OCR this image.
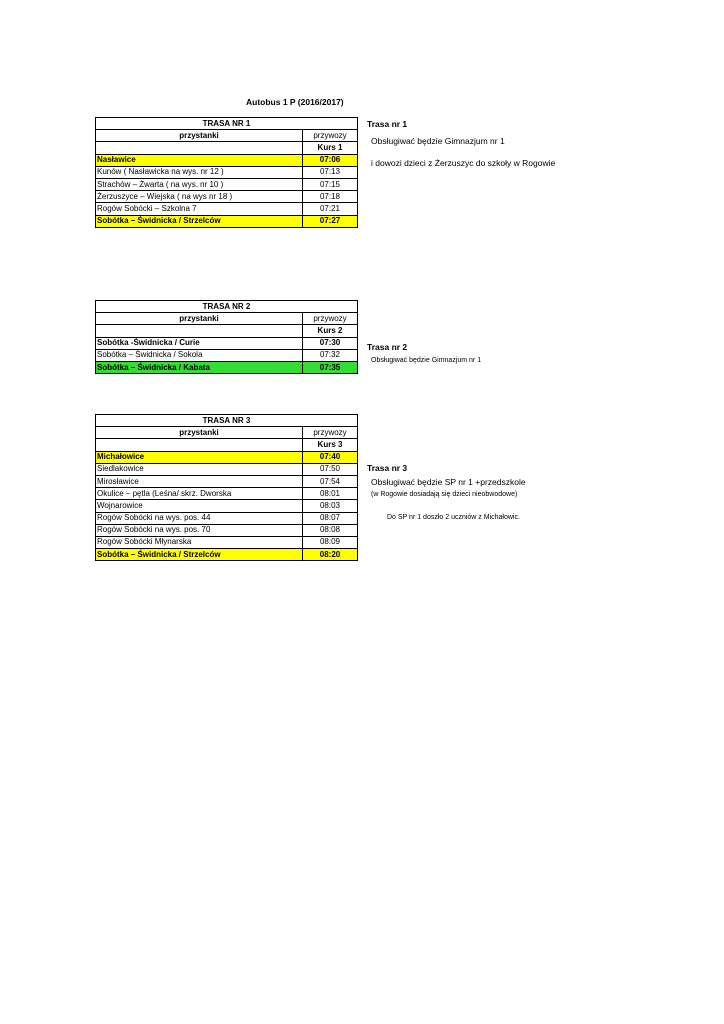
Autobus 1 P (2016/2017)
TRASA NR 1	
przystanki	przywozy
	Kurs 1
Nasławice	07:06
Kunów ( Nasławicka na wys. nr 12 )	07:13
Strachów – Żwarta ( na wys. nr 10 )	07:15
Żerzuszyce – Wiejska ( na wys nr 18 )	07:18
Rogów Sobócki – Szkolna 7	07:21
Sobótka – Świdnicka / Strzelców	07:27
Trasa nr 1
Obsługiwać będzie Gimnazjum nr 1
i dowozi dzieci z Żerzuszyc do szkoły w Rogowie
TRASA NR 2	
przystanki	przywozy
	Kurs 2
Sobótka -Świdnicka / Curie	07:30
Sobótka – Świdnicka / Sokola	07:32
Sobótka – Świdnicka / Kabata	07:35
Trasa nr 2
Obsługiwać będzie Gimnazjum nr 1
TRASA NR 3	
przystanki	przywozy
	Kurs 3
Michałowice	07:40
Siedlakowice	07:50
Mirosławice	07:54
Okulice – pętla (Leśna/ skrz. Dworska	08:01
Wojnarowice	08:03
Rogów Sobócki na wys. pos. 44	08:07
Rogów Sobócki na wys. pos. 70	08:08
Rogów Sobócki Młynarska	08:09
Sobótka – Świdnicka / Strzelców	08:20
Trasa nr 3
Obsługiwać będzie SP nr 1 +przedszkole
(w Rogowie dosiadają się dzieci nieobwodowe)
Do SP nr 1 doszło 2 uczniów z Michałowic.
